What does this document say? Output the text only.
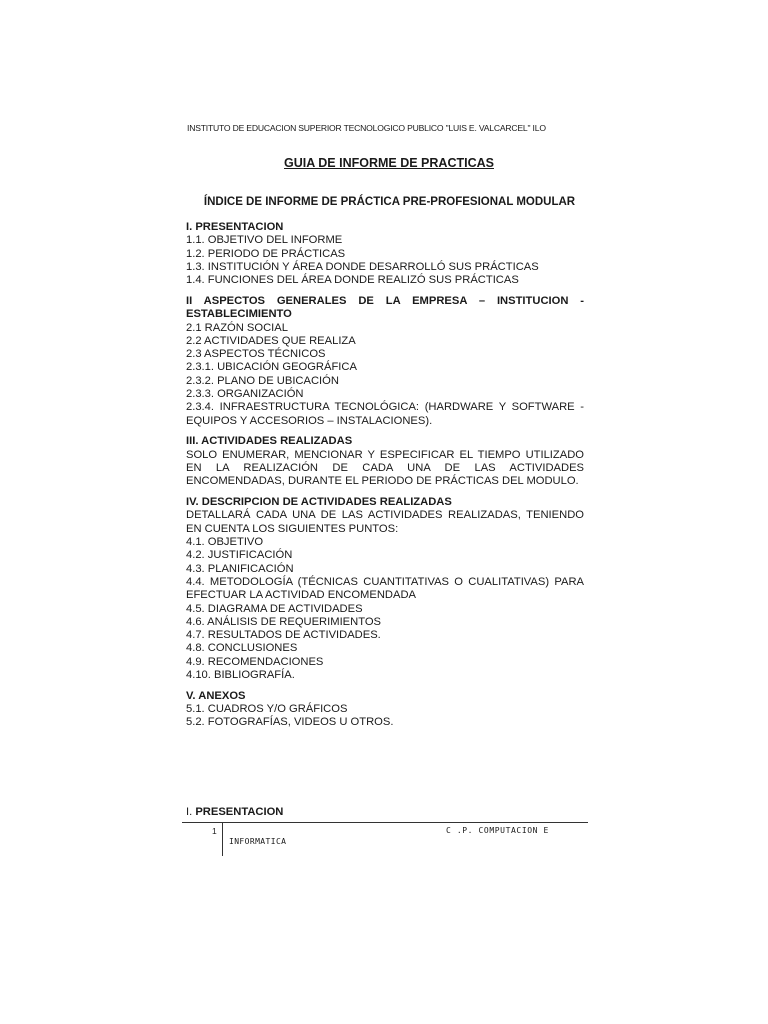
INSTITUTO DE EDUCACION SUPERIOR TECNOLOGICO PUBLICO "LUIS E. VALCARCEL" ILO
GUIA DE INFORME DE PRACTICAS
ÍNDICE DE INFORME DE PRÁCTICA PRE-PROFESIONAL MODULAR
I. PRESENTACION
1.1. OBJETIVO DEL INFORME
1.2. PERIODO DE PRÁCTICAS
1.3. INSTITUCIÓN Y ÁREA DONDE DESARROLLÓ SUS PRÁCTICAS
1.4. FUNCIONES DEL ÁREA DONDE REALIZÓ SUS PRÁCTICAS
II ASPECTOS GENERALES DE LA EMPRESA – INSTITUCION - ESTABLECIMIENTO
2.1 RAZÓN SOCIAL
2.2 ACTIVIDADES QUE REALIZA
2.3 ASPECTOS TÉCNICOS
2.3.1. UBICACIÓN GEOGRÁFICA
2.3.2. PLANO DE UBICACIÓN
2.3.3. ORGANIZACIÓN
2.3.4. INFRAESTRUCTURA TECNOLÓGICA: (HARDWARE Y SOFTWARE - EQUIPOS Y ACCESORIOS – INSTALACIONES).
III. ACTIVIDADES REALIZADAS
SOLO ENUMERAR, MENCIONAR Y ESPECIFICAR EL TIEMPO UTILIZADO EN LA REALIZACIÓN DE CADA UNA DE LAS ACTIVIDADES ENCOMENDADAS, DURANTE EL PERIODO DE PRÁCTICAS DEL MODULO.
IV. DESCRIPCION DE ACTIVIDADES REALIZADAS
DETALLARÁ CADA UNA DE LAS ACTIVIDADES REALIZADAS, TENIENDO EN CUENTA LOS SIGUIENTES PUNTOS:
4.1. OBJETIVO
4.2. JUSTIFICACIÓN
4.3. PLANIFICACIÓN
4.4. METODOLOGÍA (TÉCNICAS CUANTITATIVAS O CUALITATIVAS) PARA EFECTUAR LA ACTIVIDAD ENCOMENDADA
4.5. DIAGRAMA DE ACTIVIDADES
4.6. ANÁLISIS DE REQUERIMIENTOS
4.7. RESULTADOS DE ACTIVIDADES.
4.8. CONCLUSIONES
4.9. RECOMENDACIONES
4.10. BIBLIOGRAFÍA.
V. ANEXOS
5.1. CUADROS Y/O GRÁFICOS
5.2. FOTOGRAFÍAS, VIDEOS U OTROS.
I. PRESENTACION
1	C .P. COMPUTACION E
INFORMATICA
